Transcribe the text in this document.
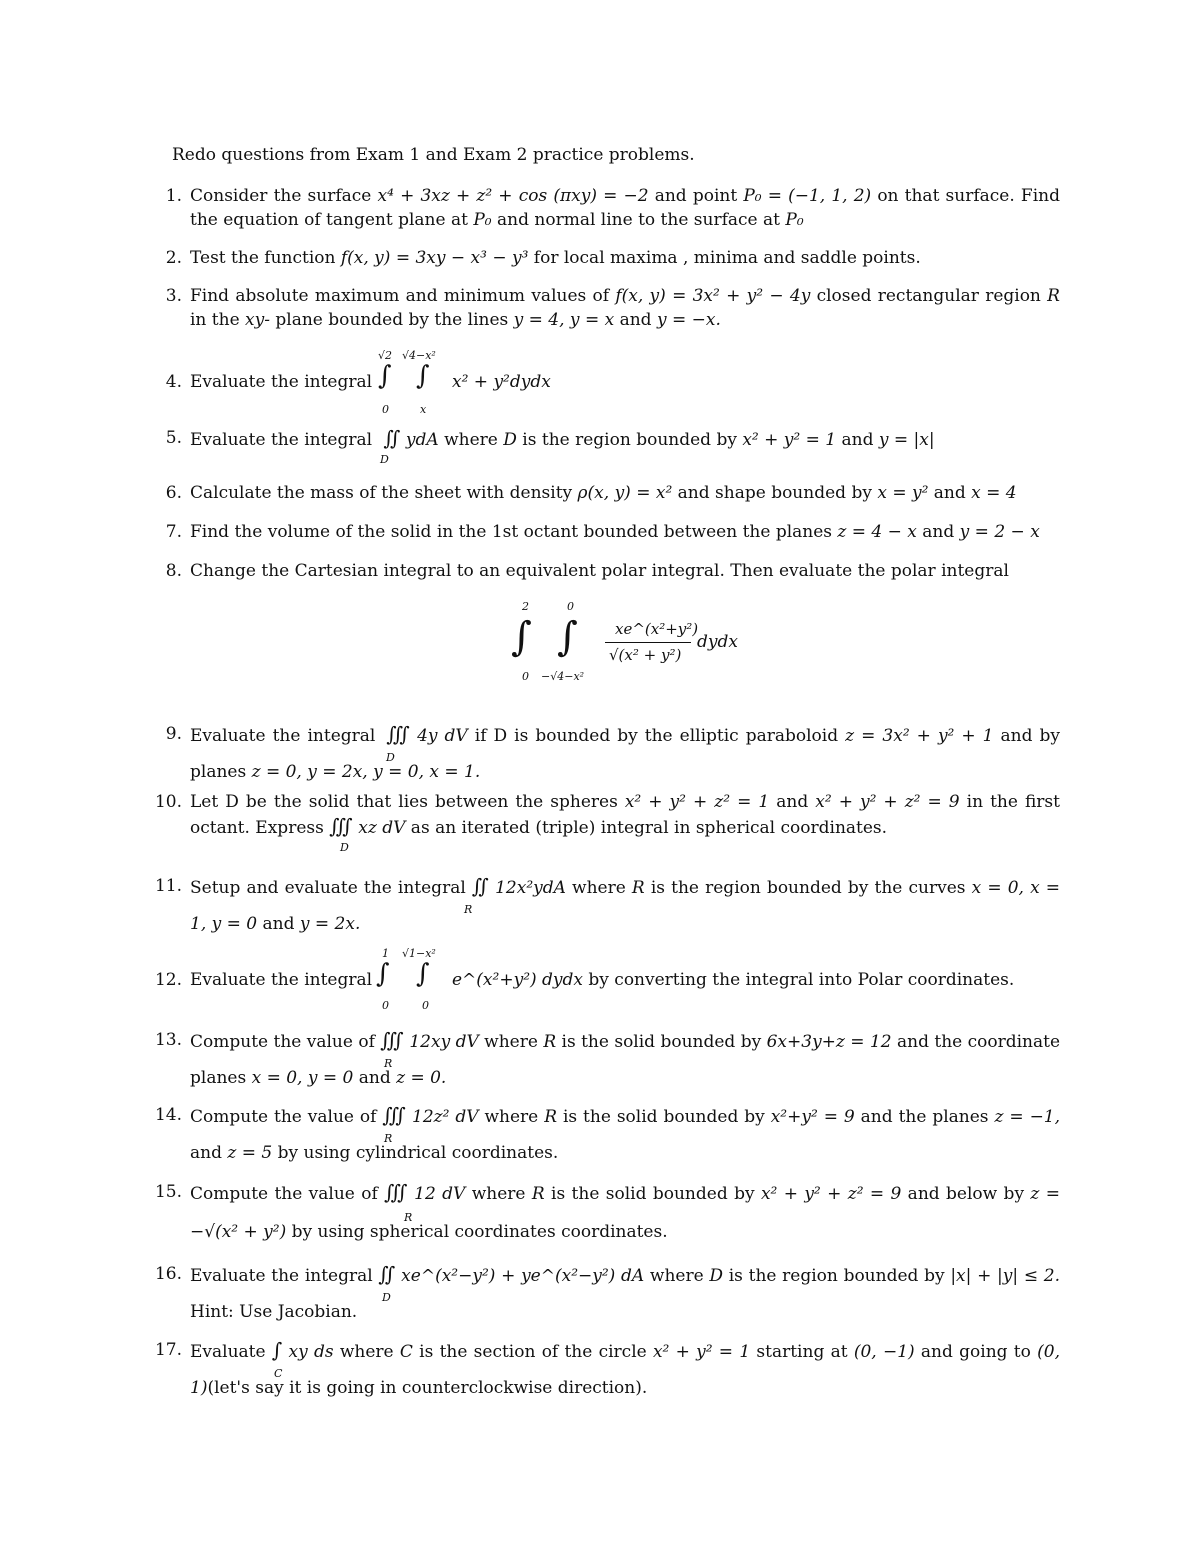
Redo questions from Exam 1 and Exam 2 practice problems.
1. Consider the surface x⁴ + 3xz + z² + cos (πxy) = −2 and point P₀ = (−1, 1, 2) on that surface. Find the equation of tangent plane at P₀ and normal line to the surface at P₀
2. Test the function f(x, y) = 3xy − x³ − y³ for local maxima , minima and saddle points.
3. Find absolute maximum and minimum values of f(x, y) = 3x² + y² − 4y closed rectangular region R in the xy- plane bounded by the lines y = 4, y = x and y = −x.
4. Evaluate the integral
√2 √4−x²
∫ ∫
0	x
x² + y²dydx
5. Evaluate the integral ∬
D
ydA where D is the region bounded by x² + y² = 1 and y = |x|
6. Calculate the mass of the sheet with density ρ(x, y) = x² and shape bounded by x = y² and x = 4
7. Find the volume of the solid in the 1st octant bounded between the planes z = 4 − x and y = 2 − x
8. Change the Cartesian integral to an equivalent polar integral. Then evaluate the polar integral
2	0
∫ ∫
0 −√4−x²
xe^(x²+y²)
√(x² + y²)
dydx
9. Evaluate the integral ∭
D
4y dV if D is bounded by the elliptic paraboloid z = 3x² + y² + 1 and by planes z = 0, y = 2x, y = 0, x = 1.
10. Let D be the solid that lies between the spheres x² + y² + z² = 1 and x² + y² + z² = 9 in the first octant. Express ∭
D
xz dV as an iterated (triple) integral in spherical coordinates.
11. Setup and evaluate the integral ∬
R
12x²ydA where R is the region bounded by the curves x = 0, x = 1, y = 0 and y = 2x.
12. Evaluate the integral
1 √1−x²
∫ ∫
0	0
e^(x²+y²) dydx by converting the integral into Polar coordinates.
13. Compute the value of ∭
R
12xy dV where R is the solid bounded by 6x+3y+z = 12 and the coordinate planes x = 0, y = 0 and z = 0.
14. Compute the value of ∭
R
12z² dV where R is the solid bounded by x²+y² = 9 and the planes z = −1, and z = 5 by using cylindrical coordinates.
15. Compute the value of ∭
R
12 dV where R is the solid bounded by x² + y² + z² = 9 and below by z = −√(x² + y²) by using spherical coordinates coordinates.
16. Evaluate the integral ∬
D
xe^(x²−y²) + ye^(x²−y²) dA where D is the region bounded by |x| + |y| ≤ 2. Hint: Use Jacobian.
17. Evaluate ∫
C
xy ds where C is the section of the circle x² + y² = 1 starting at (0, −1) and going to (0, 1)(let's say it is going in counterclockwise direction).
